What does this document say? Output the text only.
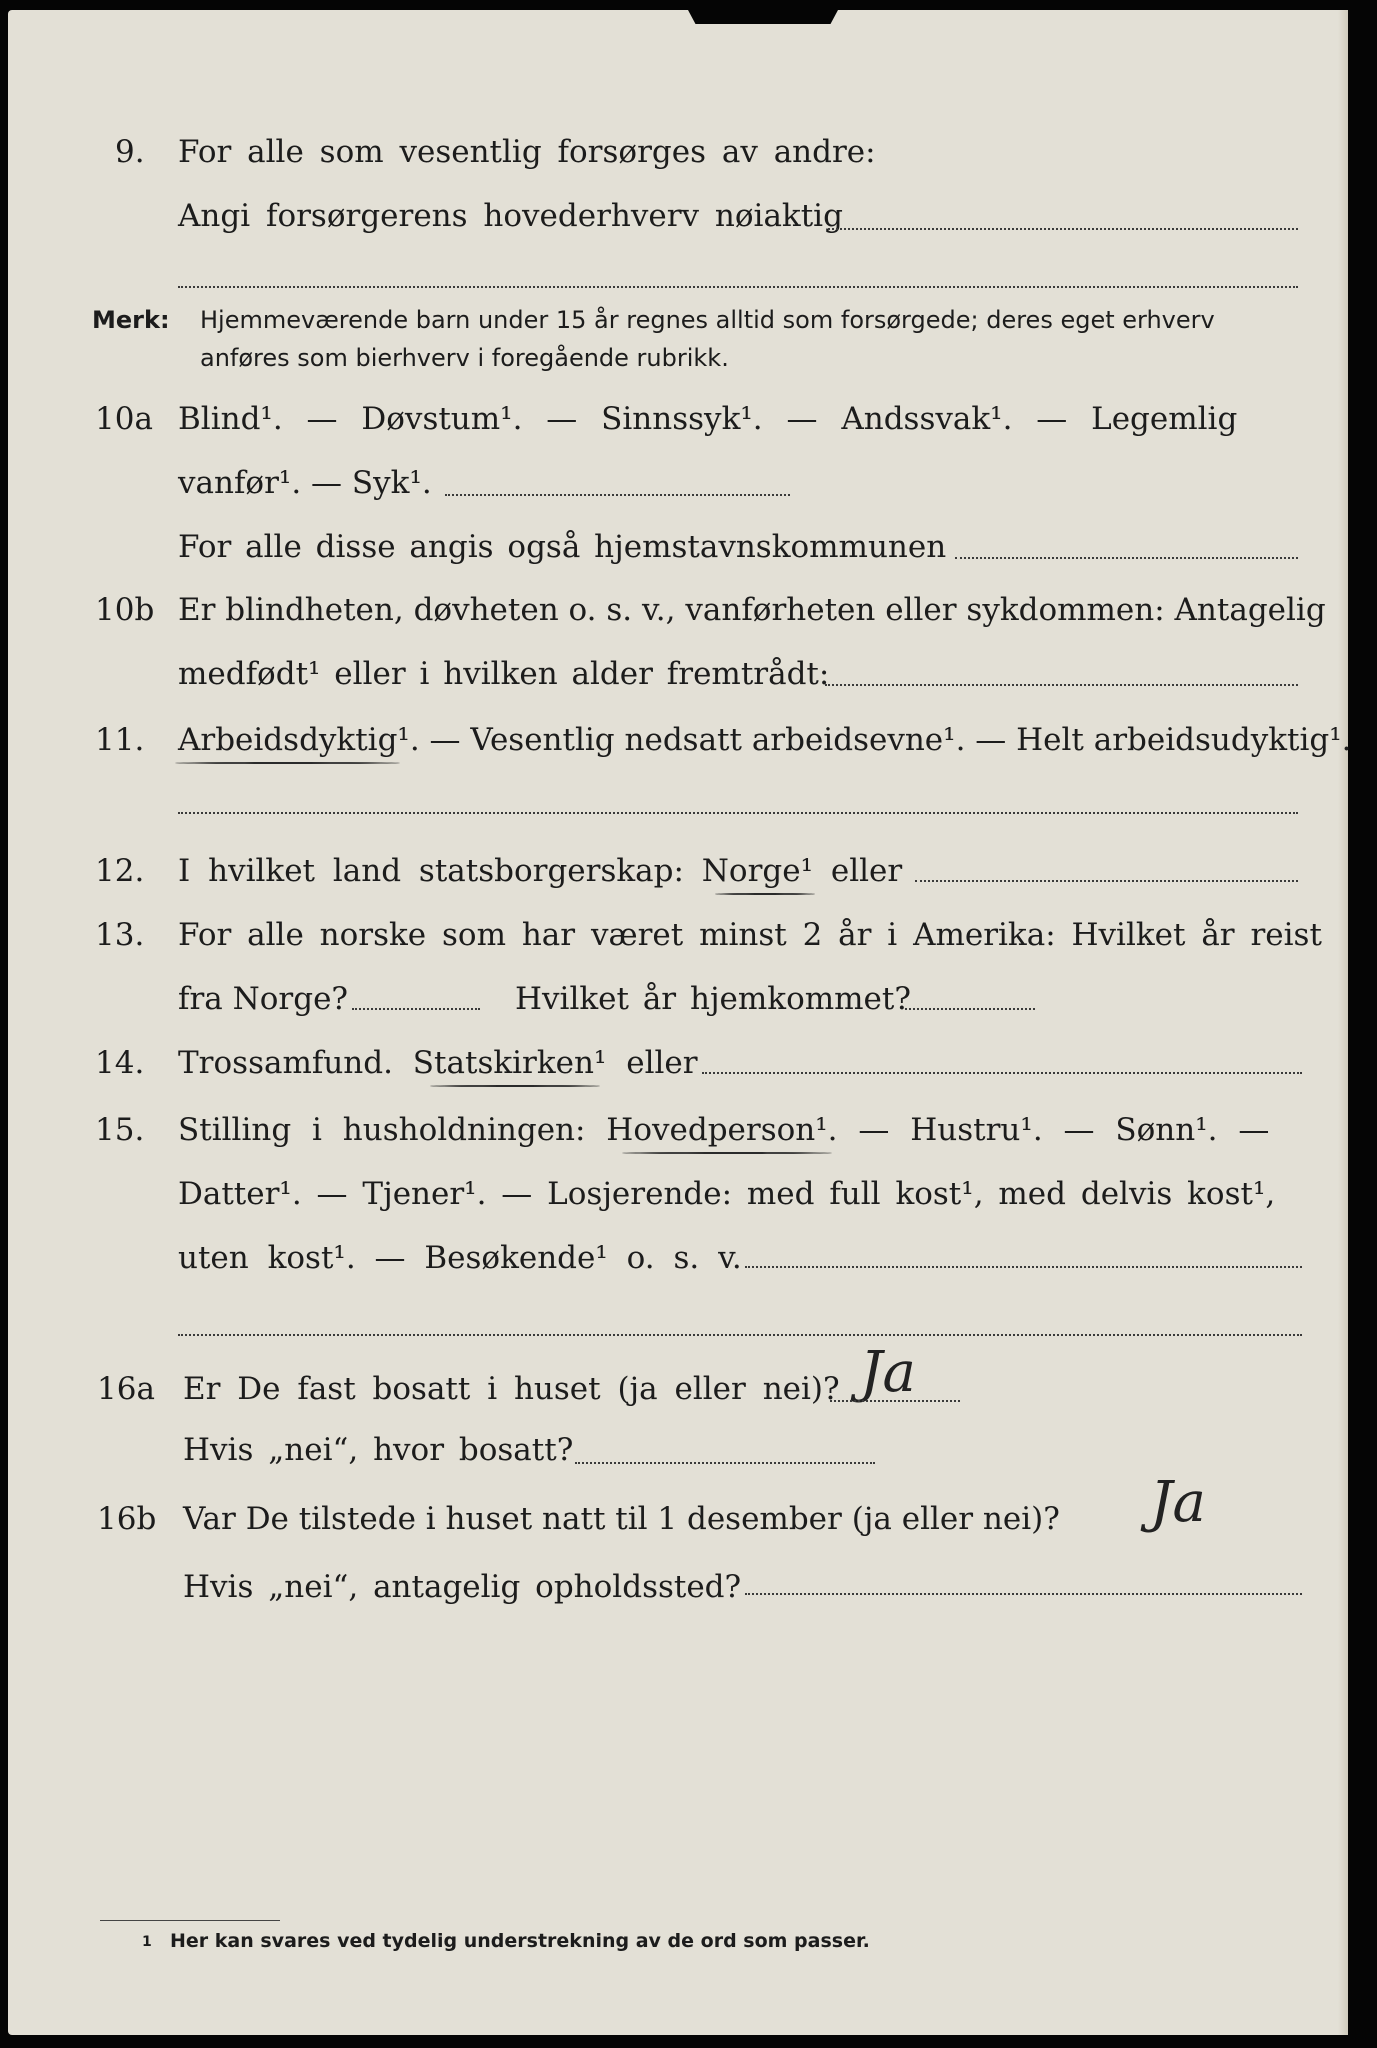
9. For alle som vesentlig forsørges av andre:
Angi forsørgerens hovederhverv nøiaktig
Merk: Hjemmeværende barn under 15 år regnes alltid som forsørgede; deres eget erhverv
anføres som bierhverv i foregående rubrikk.
10a Blind¹. — Døvstum¹. — Sinnssyk¹. — Andssvak¹. — Legemlig
vanfør¹. — Syk¹.
For alle disse angis også hjemstavnskommunen
10b Er blindheten, døvheten o. s. v., vanførheten eller sykdommen: Antagelig
medfødt¹ eller i hvilken alder fremtrådt:
11. Arbeidsdyktig¹. — Vesentlig nedsatt arbeidsevne¹. — Helt arbeidsudyktig¹.
12. I hvilket land statsborgerskap: Norge¹ eller
13. For alle norske som har været minst 2 år i Amerika: Hvilket år reist
fra Norge?	Hvilket år hjemkommet?
14. Trossamfund. Statskirken¹ eller
15. Stilling i husholdningen: Hovedperson¹. — Hustru¹. — Sønn¹. —
Datter¹. — Tjener¹. — Losjerende: med full kost¹, med delvis kost¹,
uten kost¹. — Besøkende¹ o. s. v.
16a Er De fast bosatt i huset (ja eller nei)? Ja
Hvis „nei“, hvor bosatt?
16b Var De tilstede i huset natt til 1 desember (ja eller nei)? Ja
Hvis „nei“, antagelig opholdssted?
1 Her kan svares ved tydelig understrekning av de ord som passer.
